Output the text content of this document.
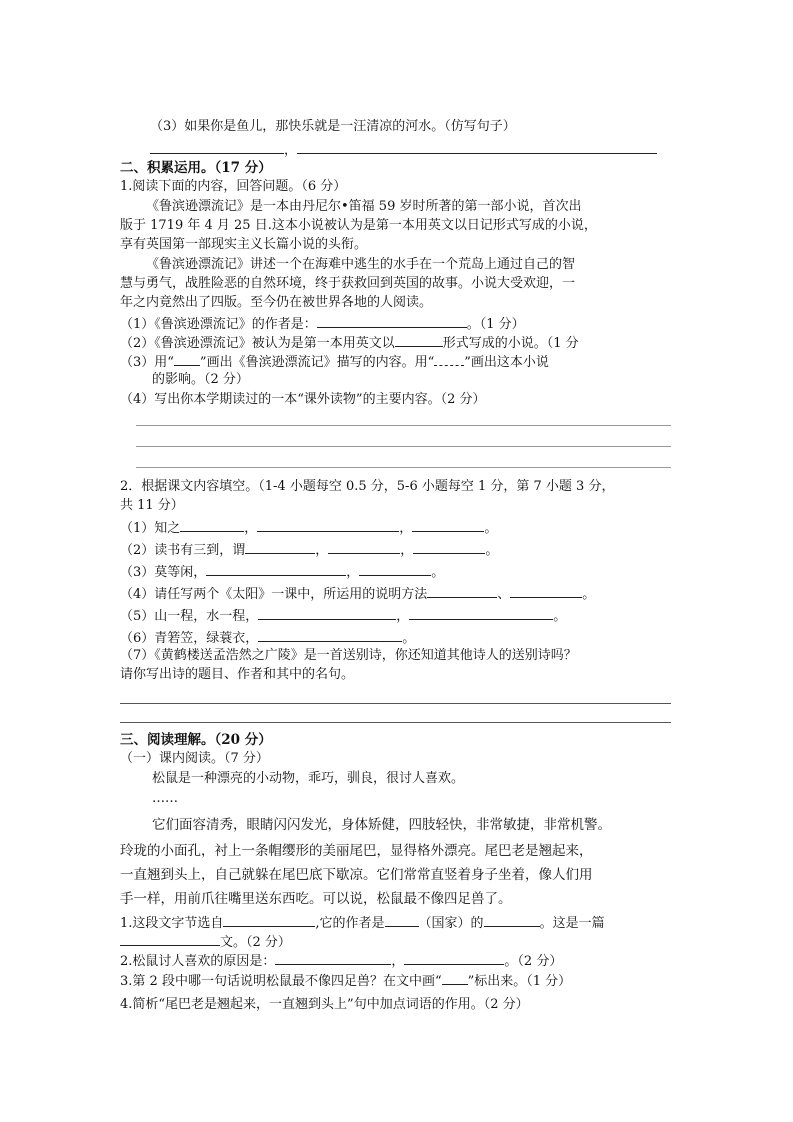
（3）如果你是鱼儿，那快乐就是一汪清凉的河水。（仿写句子）
，
二、积累运用。（17 分）
1.阅读下面的内容，回答问题。（6 分）
《鲁滨逊漂流记》是一本由丹尼尔•笛福 59 岁时所著的第一部小说，首次出
版于 1719 年 4 月 25 日.这本小说被认为是第一本用英文以日记形式写成的小说，
享有英国第一部现实主义长篇小说的头衔。
《鲁滨逊漂流记》讲述一个在海难中逃生的水手在一个荒岛上通过自己的智
慧与勇气，战胜险恶的自然环境，终于获救回到英国的故事。小说大受欢迎，一
年之内竟然出了四版。至今仍在被世界各地的人阅读。
（1）《鲁滨逊漂流记》的作者是：	。（1 分）
（2）《鲁滨逊漂流记》被认为是第一本用英文以	形式写成的小说。（1 分
（3）用“ ”画出《鲁滨逊漂流记》描写的内容。用“ ”画出这本小说
的影响。（2 分）
（4）写出你本学期读过的一本“课外读物”的主要内容。（2 分）
2．根据课文内容填空。（1-4 小题每空 0.5 分，5-6 小题每空 1 分，第 7 小题 3 分，
共 11 分）
（1）知之	，	，	。
（2）读书有三到，谓	，	，	。
（3）莫等闲，	，	。
（4）请任写两个《太阳》一课中，所运用的说明方法	、	。
（5）山一程，水一程，	，	。
（6）青箬笠，绿蓑衣，	。
（7）《黄鹤楼送孟浩然之广陵》是一首送别诗，你还知道其他诗人的送别诗吗？
请你写出诗的题目、作者和其中的名句。
三、阅读理解。（20 分）
（一）课内阅读。（7 分）
松鼠是一种漂亮的小动物，乖巧，驯良，很讨人喜欢。
……
它们面容清秀，眼睛闪闪发光，身体矫健，四肢轻快，非常敏捷，非常机警。
玲珑的小面孔，衬上一条帽缨形的美丽尾巴，显得格外漂亮。尾巴老是翘起来，
一直翘到头上，自己就躲在尾巴底下歇凉。它们常常直竖着身子坐着，像人们用
手一样，用前爪往嘴里送东西吃。可以说，松鼠最不像四足兽了。
1.这段文字节选自	,它的作者是	（国家）的	。这是一篇
文。（2 分）
2.松鼠讨人喜欢的原因是：	，	。（2 分）
3.第 2 段中哪一句话说明松鼠最不像四足兽？在文中画“ ”标出来。（1 分）
4.简析“尾巴老是翘起来，一直翘到头上”句中加点词语的作用。（2 分）
